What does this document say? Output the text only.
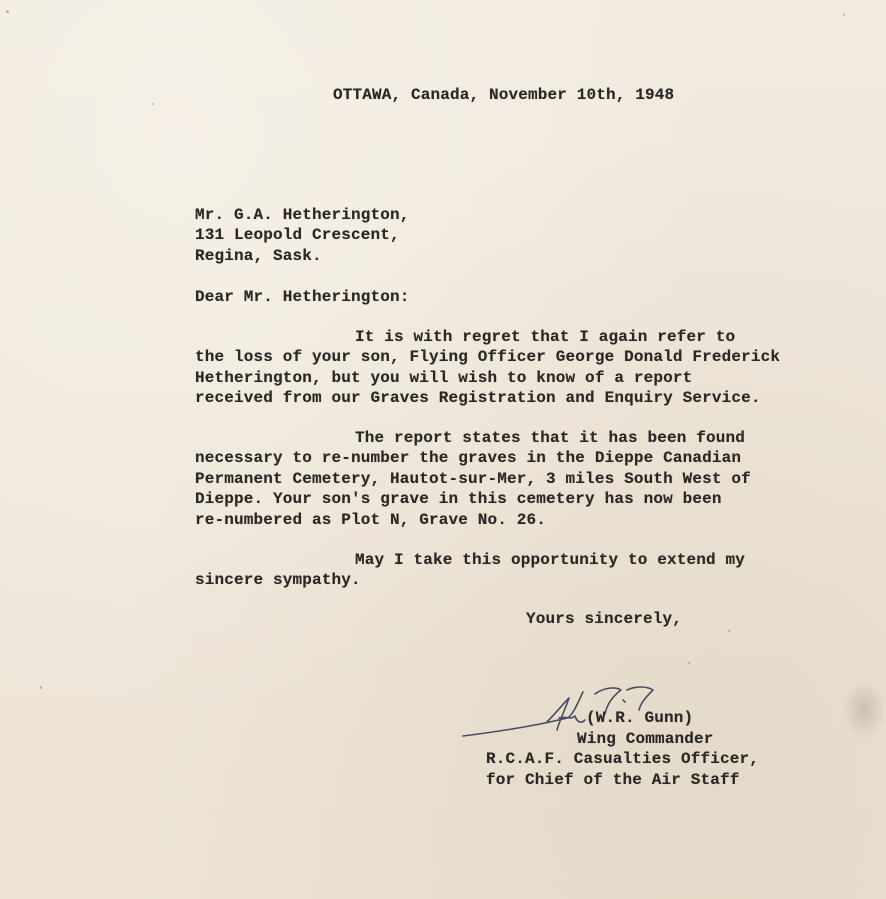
OTTAWA, Canada, November 10th, 1948
Mr. G.A. Hetherington,
131 Leopold Crescent,
Regina, Sask.
Dear Mr. Hetherington:
It is with regret that I again refer to
the loss of your son, Flying Officer George Donald Frederick
Hetherington, but you will wish to know of a report
received from our Graves Registration and Enquiry Service.
The report states that it has been found
necessary to re-number the graves in the Dieppe Canadian
Permanent Cemetery, Hautot-sur-Mer, 3 miles South West of
Dieppe. Your son's grave in this cemetery has now been
re-numbered as Plot N, Grave No. 26.
May I take this opportunity to extend my
sincere sympathy.
Yours sincerely,
(W.R. Gunn)
Wing Commander
R.C.A.F. Casualties Officer,
for Chief of the Air Staff
